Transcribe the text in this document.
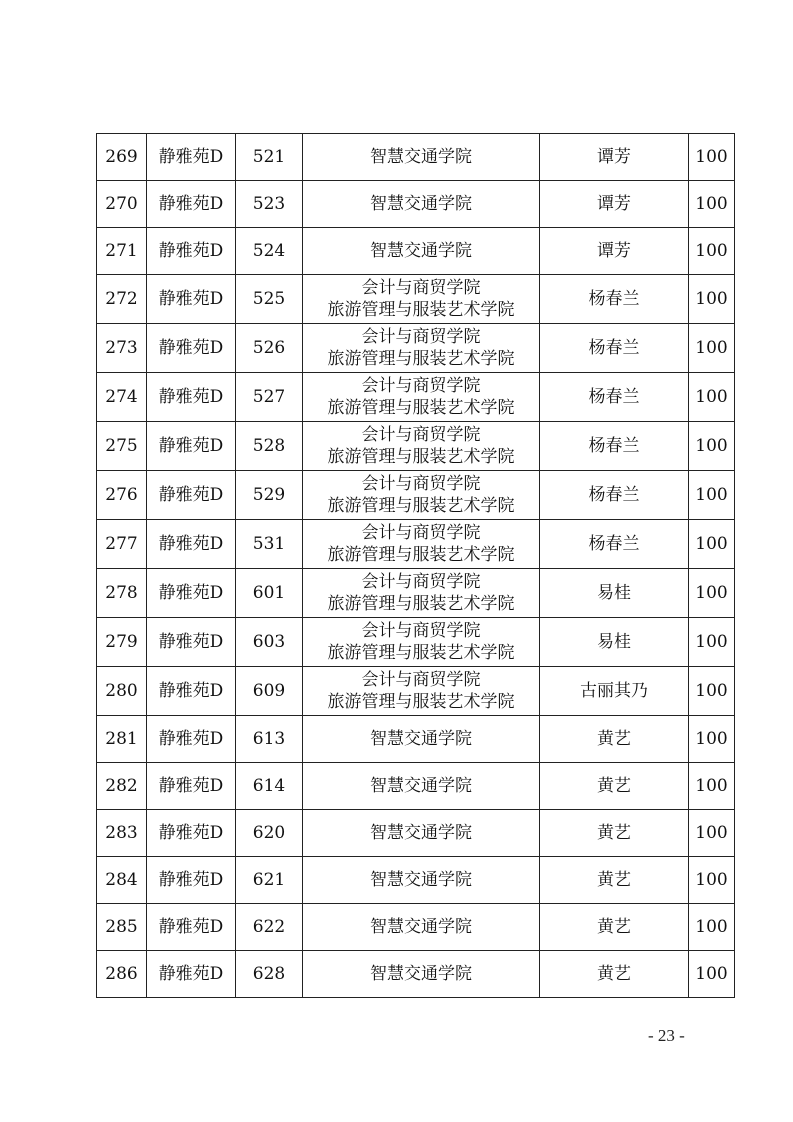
269	静雅苑D	521	智慧交通学院	谭芳	100
270	静雅苑D	523	智慧交通学院	谭芳	100
271	静雅苑D	524	智慧交通学院	谭芳	100
272	静雅苑D	525	会计与商贸学院
旅游管理与服装艺术学院	杨春兰	100
273	静雅苑D	526	会计与商贸学院
旅游管理与服装艺术学院	杨春兰	100
274	静雅苑D	527	会计与商贸学院
旅游管理与服装艺术学院	杨春兰	100
275	静雅苑D	528	会计与商贸学院
旅游管理与服装艺术学院	杨春兰	100
276	静雅苑D	529	会计与商贸学院
旅游管理与服装艺术学院	杨春兰	100
277	静雅苑D	531	会计与商贸学院
旅游管理与服装艺术学院	杨春兰	100
278	静雅苑D	601	会计与商贸学院
旅游管理与服装艺术学院	易桂	100
279	静雅苑D	603	会计与商贸学院
旅游管理与服装艺术学院	易桂	100
280	静雅苑D	609	会计与商贸学院
旅游管理与服装艺术学院	古丽其乃	100
281	静雅苑D	613	智慧交通学院	黄艺	100
282	静雅苑D	614	智慧交通学院	黄艺	100
283	静雅苑D	620	智慧交通学院	黄艺	100
284	静雅苑D	621	智慧交通学院	黄艺	100
285	静雅苑D	622	智慧交通学院	黄艺	100
286	静雅苑D	628	智慧交通学院	黄艺	100
- 23 -
